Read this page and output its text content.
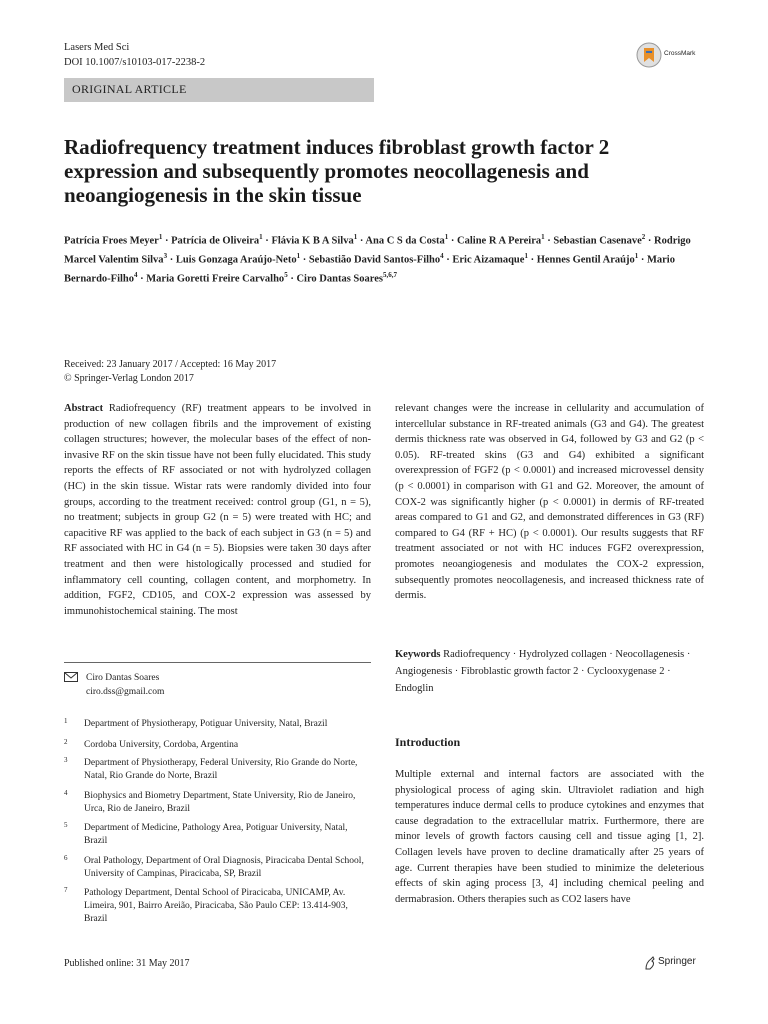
Lasers Med Sci
DOI 10.1007/s10103-017-2238-2
CrossMark
ORIGINAL ARTICLE
Radiofrequency treatment induces fibroblast growth factor 2 expression and subsequently promotes neocollagenesis and neoangiogenesis in the skin tissue
Patrícia Froes Meyer$^1$ · Patrícia de Oliveira$^1$ · Flávia K B A Silva$^1$ · Ana C S da Costa$^1$ · Caline R A Pereira$^1$ · Sebastian Casenave$^2$ · Rodrigo Marcel Valentim Silva$^3$ · Luis Gonzaga Araújo-Neto$^1$ · Sebastião David Santos-Filho$^4$ · Eric Aizamaque$^1$ · Hennes Gentil Araújo$^1$ · Mario Bernardo-Filho$^4$ · Maria Goretti Freire Carvalho$^5$ · Ciro Dantas Soares$^{5,6,7}$
Received: 23 January 2017 / Accepted: 16 May 2017
© Springer-Verlag London 2017
Abstract Radiofrequency (RF) treatment appears to be involved in production of new collagen fibrils and the improvement of existing collagen structures; however, the molecular bases of the effect of non-invasive RF on the skin tissue have not been fully elucidated. This study reports the effects of RF associated or not with hydrolyzed collagen (HC) in the skin tissue. Wistar rats were randomly divided into four groups, according to the treatment received: control group (G1, n = 5), no treatment; subjects in group G2 (n = 5) were treated with HC; and capacitive RF was applied to the back of each subject in G3 (n = 5) and RF associated with HC in G4 (n = 5). Biopsies were taken 30 days after treatment and then were histologically processed and studied for inflammatory cell counting, collagen content, and morphometry. In addition, FGF2, CD105, and COX-2 expression was assessed by immunohistochemical staining. The most
relevant changes were the increase in cellularity and accumulation of intercellular substance in RF-treated animals (G3 and G4). The greatest dermis thickness rate was observed in G4, followed by G3 and G2 (p < 0.05). RF-treated skins (G3 and G4) exhibited a significant overexpression of FGF2 (p < 0.0001) and increased microvessel density (p < 0.0001) in comparison with G1 and G2. Moreover, the amount of COX-2 was significantly higher (p < 0.0001) in dermis of RF-treated areas compared to G1 and G2, and demonstrated differences in G3 (RF) compared to G4 (RF + HC) (p < 0.0001). Our results suggests that RF treatment associated or not with HC induces FGF2 overexpression, promotes neoangiogenesis and modulates the COX-2 expression, subsequently promotes neocollagenesis, and increased thickness rate of dermis.
Keywords Radiofrequency · Hydrolyzed collagen · Neocollagenesis · Angiogenesis · Fibroblastic growth factor 2 · Cyclooxygenase 2 · Endoglin
Ciro Dantas Soares
ciro.dss@gmail.com
1 Department of Physiotherapy, Potiguar University, Natal, Brazil
2 Cordoba University, Cordoba, Argentina
3 Department of Physiotherapy, Federal University, Rio Grande do Norte, Natal, Rio Grande do Norte, Brazil
4 Biophysics and Biometry Department, State University, Rio de Janeiro, Urca, Rio de Janeiro, Brazil
5 Department of Medicine, Pathology Area, Potiguar University, Natal, Brazil
6 Oral Pathology, Department of Oral Diagnosis, Piracicaba Dental School, University of Campinas, Piracicaba, SP, Brazil
7 Pathology Department, Dental School of Piracicaba, UNICAMP, Av. Limeira, 901, Bairro Areião, Piracicaba, São Paulo CEP: 13.414-903, Brazil
Introduction
Multiple external and internal factors are associated with the physiological process of aging skin. Ultraviolet radiation and high temperatures induce dermal cells to produce cytokines and enzymes that cause degradation to the extracellular matrix. Furthermore, there are minor levels of growth factors causing cell and tissue aging [1, 2]. Collagen levels have proven to decline dramatically after 25 years of age. Current therapies have been studied to minimize the deleterious effects of skin aging process [3, 4] including chemical peeling and dermabrasion. Others therapies such as CO2 lasers have
Published online: 31 May 2017	Springer
